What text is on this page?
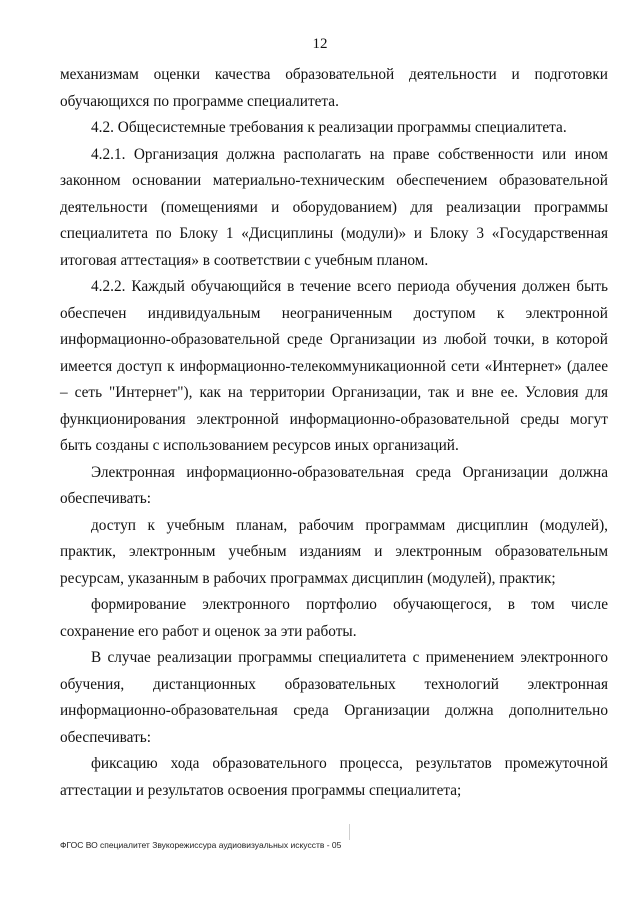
12

механизмам оценки качества образовательной деятельности и подготовки обучающихся по программе специалитета.

4.2. Общесистемные требования к реализации программы специалитета.

4.2.1. Организация должна располагать на праве собственности или ином законном основании материально-техническим обеспечением образовательной деятельности (помещениями и оборудованием) для реализации программы специалитета по Блоку 1 «Дисциплины (модули)» и Блоку 3 «Государственная итоговая аттестация» в соответствии с учебным планом.

4.2.2. Каждый обучающийся в течение всего периода обучения должен быть обеспечен индивидуальным неограниченным доступом к электронной информационно-образовательной среде Организации из любой точки, в которой имеется доступ к информационно-телекоммуникационной сети «Интернет» (далее – сеть "Интернет"), как на территории Организации, так и вне ее. Условия для функционирования электронной информационно-образовательной среды могут быть созданы с использованием ресурсов иных организаций.

Электронная информационно-образовательная среда Организации должна обеспечивать:

доступ к учебным планам, рабочим программам дисциплин (модулей), практик, электронным учебным изданиям и электронным образовательным ресурсам, указанным в рабочих программах дисциплин (модулей), практик;

формирование электронного портфолио обучающегося, в том числе сохранение его работ и оценок за эти работы.

В случае реализации программы специалитета с применением электронного обучения, дистанционных образовательных технологий электронная информационно-образовательная среда Организации должна дополнительно обеспечивать:

фиксацию хода образовательного процесса, результатов промежуточной аттестации и результатов освоения программы специалитета;

ФГОС ВО специалитет Звукорежиссура аудиовизуальных искусств - 05
